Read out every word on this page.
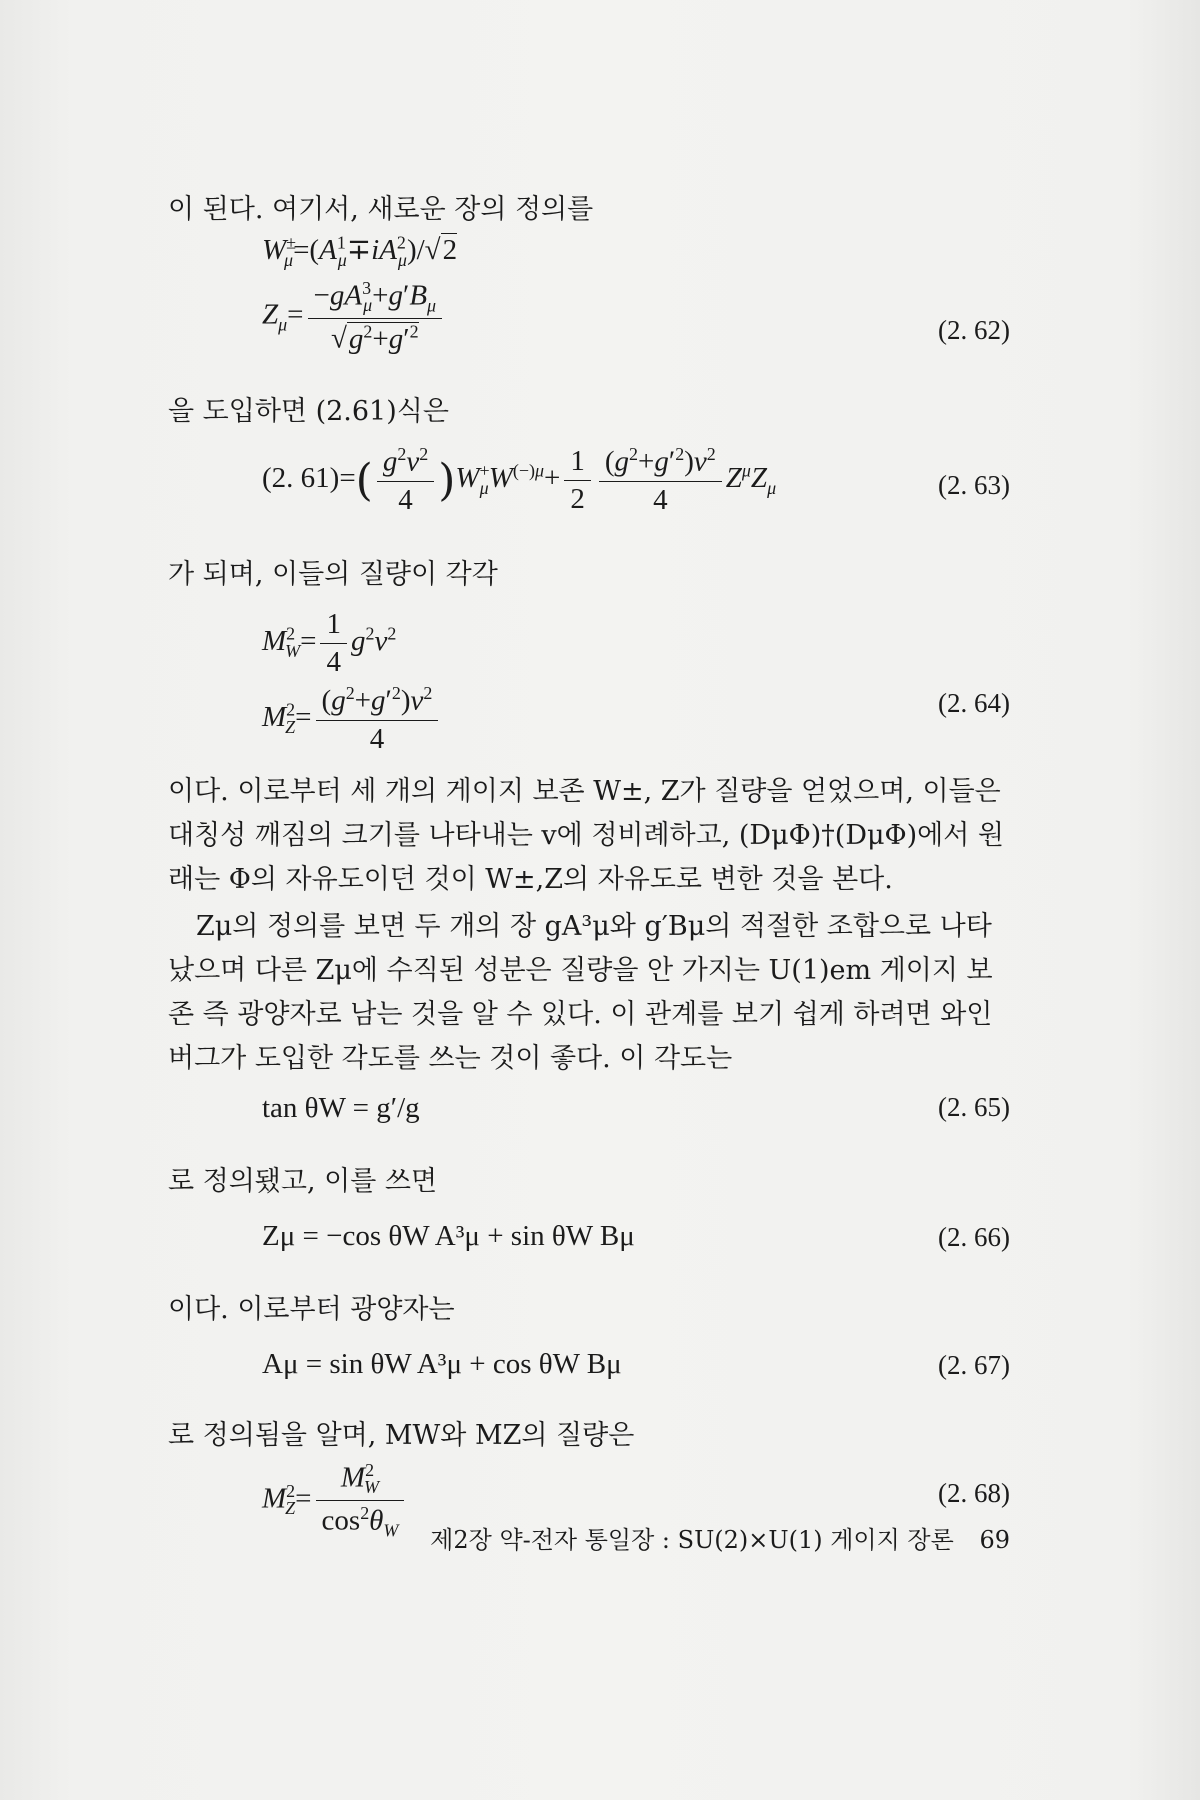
이 된다. 여기서, 새로운 장의 정의를
$W^\pm_\mu=(A^1_\mu\mp iA^2_\mu)/√2$
$Z_\mu= \frac{-gA^3_\mu+g'B_\mu}{√g^2+g'^2}$	(2. 62)
을 도입하면 (2.61)식은
(2. $61)=( \frac{g^2v^2}{4} )W^+_\mu W^{(-)\mu}+ \frac{1}{2} \frac{(g^2+g'^2)v^2}{4} Z^\mu Z_\mu$	(2. 63)
가 되며, 이들의 질량이 각각
$M^2_W= \frac{1}{4} g^2v^2$
$M^2_Z= \frac{(g^2+g'^2)v^2}{4}$	(2. 64)
이다. 이로부터 세 개의 게이지 보존 W±, Z가 질량을 얻었으며, 이들은 대칭성 깨짐의 크기를 나타내는 v에 정비례하고, (DμΦ)†(DμΦ)에서 원래는 Φ의 자유도이던 것이 W±,Z의 자유도로 변한 것을 본다.
Zμ의 정의를 보면 두 개의 장 gA³μ와 g′Bμ의 적절한 조합으로 나타났으며 다른 Zμ에 수직된 성분은 질량을 안 가지는 U(1)em 게이지 보존 즉 광양자로 남는 것을 알 수 있다. 이 관계를 보기 쉽게 하려면 와인버그가 도입한 각도를 쓰는 것이 좋다. 이 각도는
tan θW = g′/g	(2. 65)
로 정의됐고, 이를 쓰면
Zμ = −cos θW A³μ + sin θW Bμ	(2. 66)
이다. 이로부터 광양자는
Aμ = sin θW A³μ + cos θW Bμ	(2. 67)
로 정의됨을 알며, MW와 MZ의 질량은
$M^2_Z= \frac{M^2_W}{\cos^2\theta_W}$	(2. 68)
제2장 약-전자 통일장 : SU(2)×U(1) 게이지 장론 69
